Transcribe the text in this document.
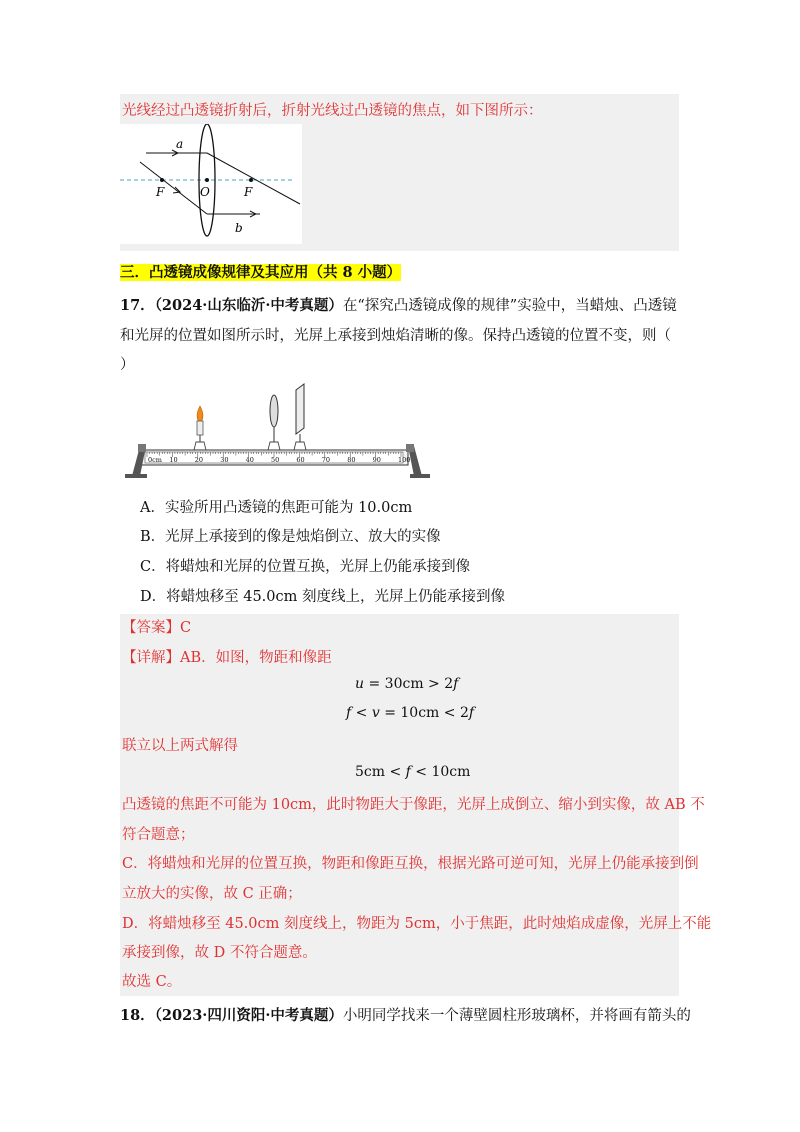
光线经过凸透镜折射后，折射光线过凸透镜的焦点，如下图所示：
a
F	O	F
b
三．凸透镜成像规律及其应用（共 8 小题）
17．（2024·山东临沂·中考真题）在“探究凸透镜成像的规律”实验中，当蜡烛、凸透镜
和光屏的位置如图所示时，光屏上承接到烛焰清晰的像。保持凸透镜的位置不变，则（
）
0cm 10	20	30	40	50	60	70	80	90	100
A．实验所用凸透镜的焦距可能为 10.0cm
B．光屏上承接到的像是烛焰倒立、放大的实像
C．将蜡烛和光屏的位置互换，光屏上仍能承接到像
D．将蜡烛移至 45.0cm 刻度线上，光屏上仍能承接到像
【答案】C
【详解】AB．如图，物距和像距
u = 30cm > 2f
f < v = 10cm < 2f
联立以上两式解得
5cm < f < 10cm
凸透镜的焦距不可能为 10cm，此时物距大于像距，光屏上成倒立、缩小到实像，故 AB 不
符合题意；
C．将蜡烛和光屏的位置互换，物距和像距互换，根据光路可逆可知，光屏上仍能承接到倒
立放大的实像，故 C 正确；
D．将蜡烛移至 45.0cm 刻度线上，物距为 5cm，小于焦距，此时烛焰成虚像，光屏上不能
承接到像，故 D 不符合题意。
故选 C。
18．（2023·四川资阳·中考真题）小明同学找来一个薄壁圆柱形玻璃杯，并将画有箭头的
